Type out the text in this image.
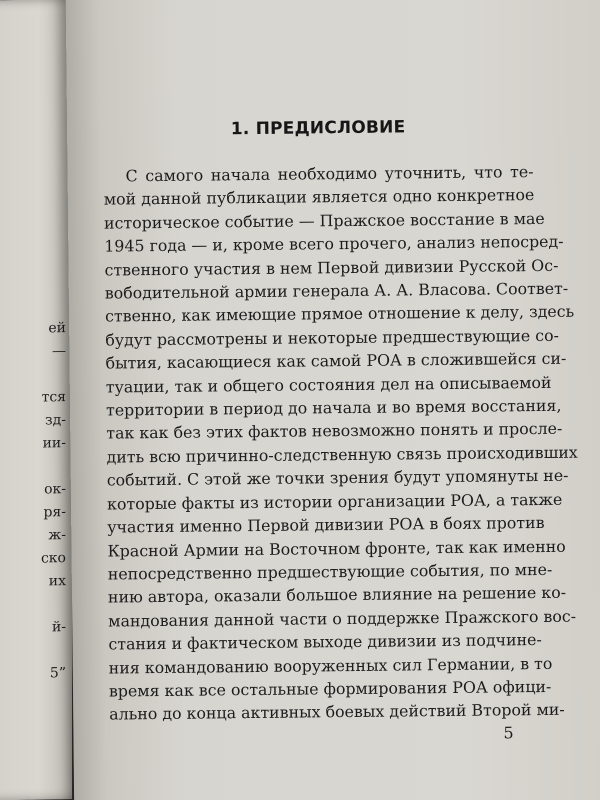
ей
—

тся
зд-
ии-

ок-
ря-
ж-
ско
их

й-

5”
1. ПРЕДИСЛОВИЕ
С самого начала необходимо уточнить, что те-
мой данной публикации является одно конкретное
историческое событие — Пражское восстание в мае
1945 года — и, кроме всего прочего, анализ непосред-
ственного участия в нем Первой дивизии Русской Ос-
вободительной армии генерала А. А. Власова. Соответ-
ственно, как имеющие прямое отношение к делу, здесь
будут рассмотрены и некоторые предшествующие со-
бытия, касающиеся как самой РОА в сложившейся си-
туации, так и общего состояния дел на описываемой
территории в период до начала и во время восстания,
так как без этих фактов невозможно понять и просле-
дить всю причинно-следственную связь происходивших
событий. С этой же точки зрения будут упомянуты не-
которые факты из истории организации РОА, а также
участия именно Первой дивизии РОА в боях против
Красной Армии на Восточном фронте, так как именно
непосредственно предшествующие события, по мне-
нию автора, оказали большое влияние на решение ко-
мандования данной части о поддержке Пражского вос-
стания и фактическом выходе дивизии из подчине-
ния командованию вооруженных сил Германии, в то
время как все остальные формирования РОА офици-
ально до конца активных боевых действий Второй ми-
5
